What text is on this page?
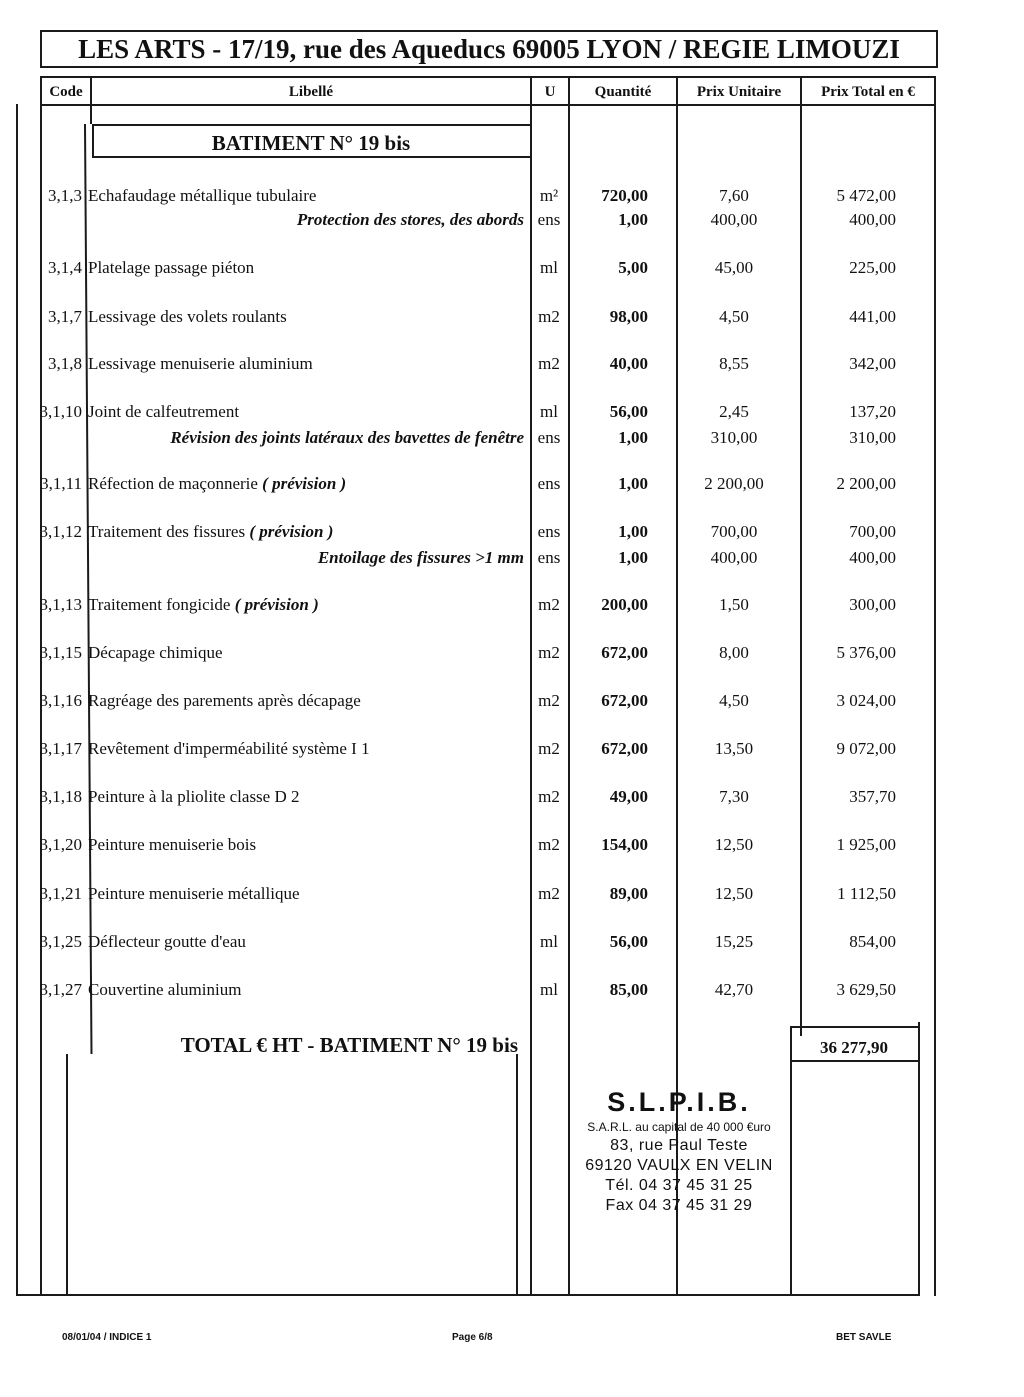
LES ARTS - 17/19, rue des Aqueducs 69005 LYON / REGIE LIMOUZI
Code	Libellé	U	Quantité	Prix Unitaire	Prix Total en €
BATIMENT N° 19 bis
3,1,3 Echafaudage métallique tubulaire	m²	720,00	7,60	5 472,00
Protection des stores, des abords ens	1,00	400,00	400,00
3,1,4 Platelage passage piéton	ml	5,00	45,00	225,00
3,1,7 Lessivage des volets roulants	m2	98,00	4,50	441,00
3,1,8 Lessivage menuiserie aluminium	m2	40,00	8,55	342,00
3,1,10 Joint de calfeutrement	ml	56,00	2,45	137,20
Révision des joints latéraux des bavettes de fenêtre ens	1,00	310,00	310,00
3,1,11 Réfection de maçonnerie ( prévision )	ens	1,00	2 200,00	2 200,00
3,1,12 Traitement des fissures ( prévision )	ens	1,00	700,00	700,00
Entoilage des fissures >1 mm ens	1,00	400,00	400,00
3,1,13 Traitement fongicide ( prévision )	m2	200,00	1,50	300,00
3,1,15 Décapage chimique	m2	672,00	8,00	5 376,00
3,1,16 Ragréage des parements après décapage	m2	672,00	4,50	3 024,00
3,1,17 Revêtement d'imperméabilité système I 1	m2	672,00	13,50	9 072,00
3,1,18 Peinture à la pliolite classe D 2	m2	49,00	7,30	357,70
3,1,20 Peinture menuiserie bois	m2	154,00	12,50	1 925,00
3,1,21 Peinture menuiserie métallique	m2	89,00	12,50	1 112,50
3,1,25 Déflecteur goutte d'eau	ml	56,00	15,25	854,00
3,1,27 Couvertine aluminium	ml	85,00	42,70	3 629,50
TOTAL € HT - BATIMENT N° 19 bis	36 277,90
S.L.P.I.B.
S.A.R.L. au capital de 40 000 €uro
83, rue Paul Teste
69120 VAULX EN VELIN
Tél. 04 37 45 31 25
Fax 04 37 45 31 29
08/01/04 / INDICE 1	Page 6/8	BET SAVLE
